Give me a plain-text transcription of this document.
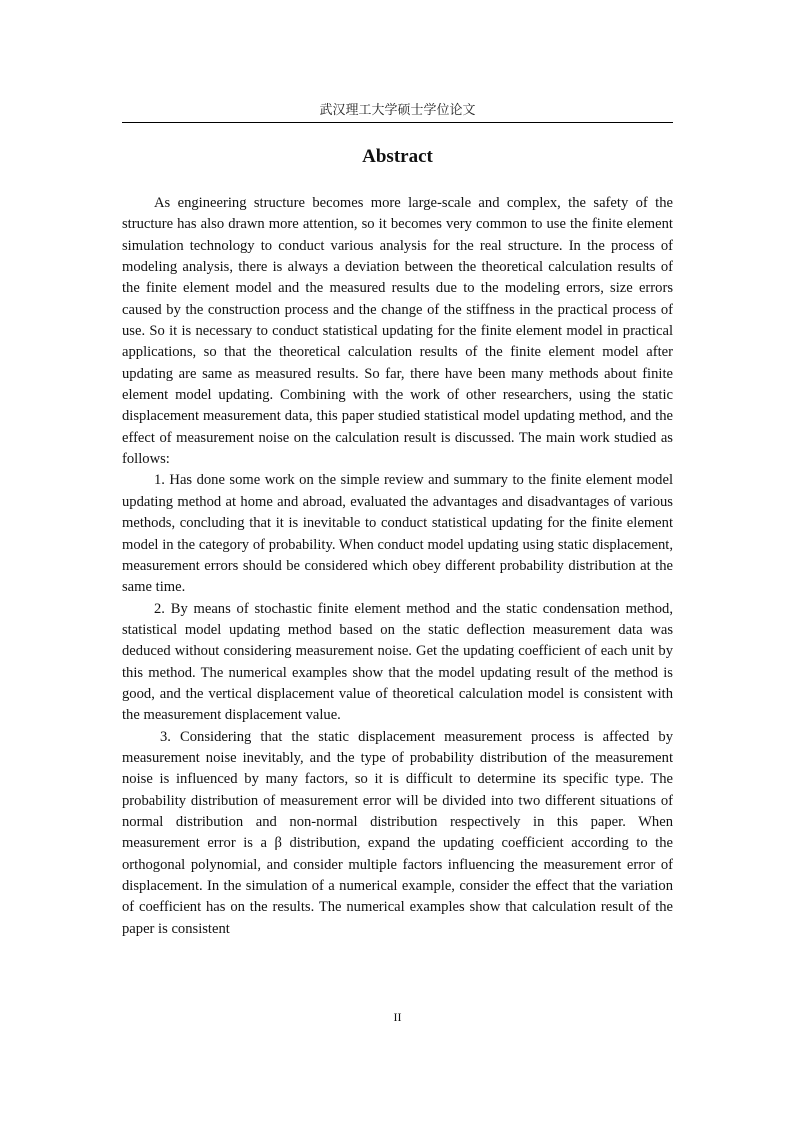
武汉理工大学硕士学位论文
Abstract

As engineering structure becomes more large-scale and complex, the safety of the structure has also drawn more attention, so it becomes very common to use the finite element simulation technology to conduct various analysis for the real structure. In the process of modeling analysis, there is always a deviation between the theoretical calculation results of the finite element model and the measured results due to the modeling errors, size errors caused by the construction process and the change of the stiffness in the practical process of use. So it is necessary to conduct statistical updating for the finite element model in practical applications, so that the theoretical calculation results of the finite element model after updating are same as measured results. So far, there have been many methods about finite element model updating. Combining with the work of other researchers, using the static displacement measurement data, this paper studied statistical model updating method, and the effect of measurement noise on the calculation result is discussed. The main work studied as follows:

1. Has done some work on the simple review and summary to the finite element model updating method at home and abroad, evaluated the advantages and disadvantages of various methods, concluding that it is inevitable to conduct statistical updating for the finite element model in the category of probability. When conduct model updating using static displacement, measurement errors should be considered which obey different probability distribution at the same time.

2. By means of stochastic finite element method and the static condensation method, statistical model updating method based on the static deflection measurement data was deduced without considering measurement noise. Get the updating coefficient of each unit by this method. The numerical examples show that the model updating result of the method is good, and the vertical displacement value of theoretical calculation model is consistent with the measurement displacement value.

3. Considering that the static displacement measurement process is affected by measurement noise inevitably, and the type of probability distribution of the measurement noise is influenced by many factors, so it is difficult to determine its specific type. The probability distribution of measurement error will be divided into two different situations of normal distribution and non-normal distribution respectively in this paper. When measurement error is a β distribution, expand the updating coefficient according to the orthogonal polynomial, and consider multiple factors influencing the measurement error of displacement. In the simulation of a numerical example, consider the effect that the variation of coefficient has on the results. The numerical examples show that calculation result of the paper is consistent

II
